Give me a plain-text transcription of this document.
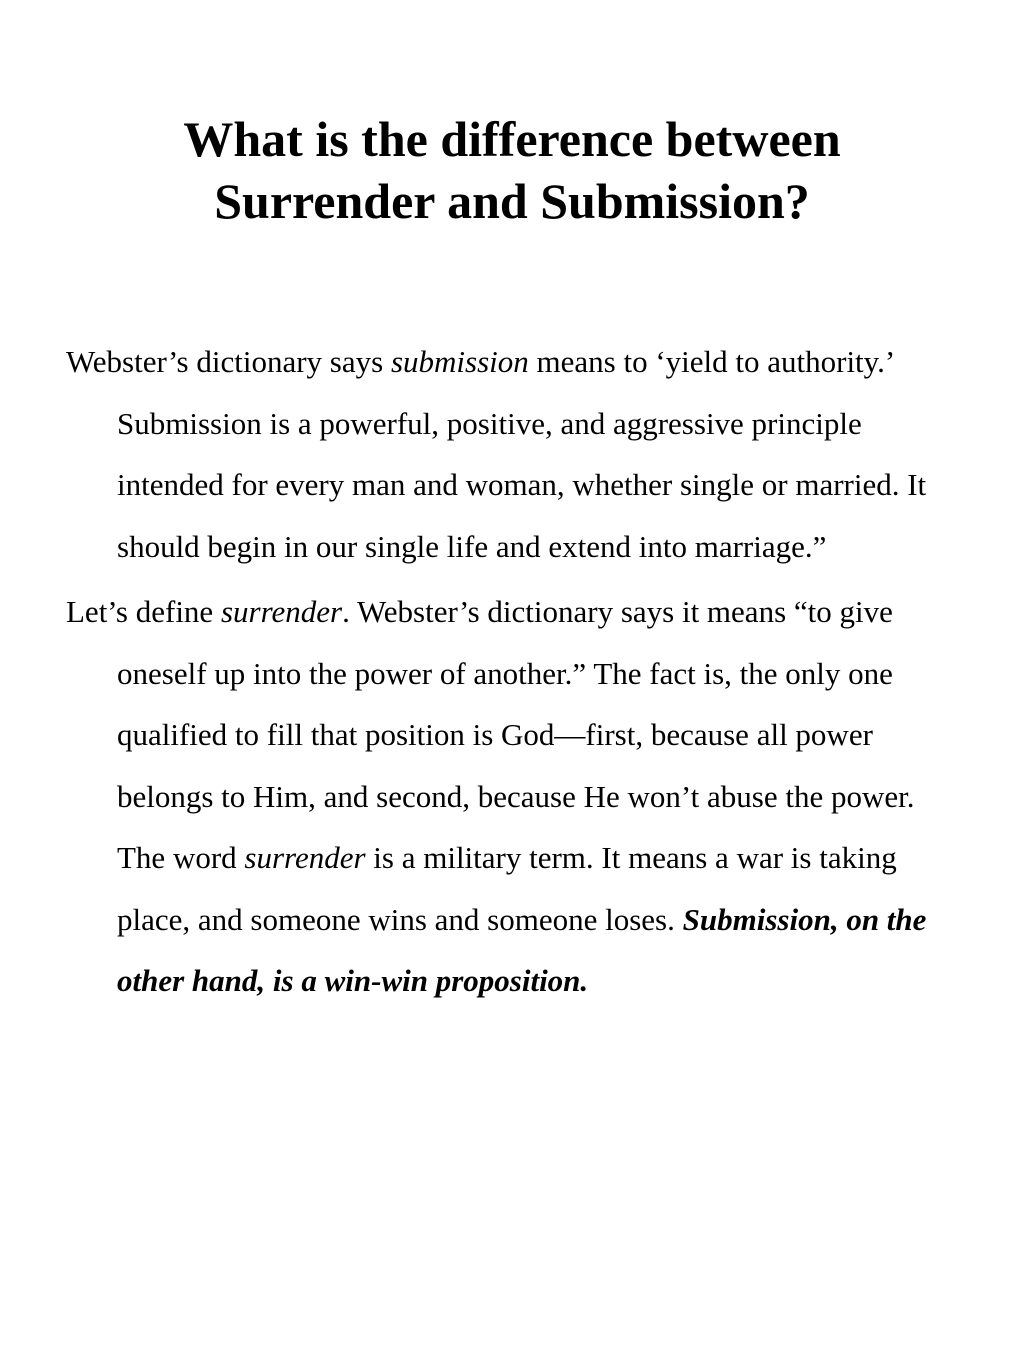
What is the difference between
Surrender and Submission?

Webster’s dictionary says submission means to ‘yield to authority.’ Submission is a powerful, positive, and aggressive principle intended for every man and woman, whether single or married. It should begin in our single life and extend into marriage.”

Let’s define surrender. Webster’s dictionary says it means “to give oneself up into the power of another.” The fact is, the only one qualified to fill that position is God—first, because all power belongs to Him, and second, because He won’t abuse the power. The word surrender is a military term. It means a war is taking place, and someone wins and someone loses. Submission, on the other hand, is a win-win proposition.
